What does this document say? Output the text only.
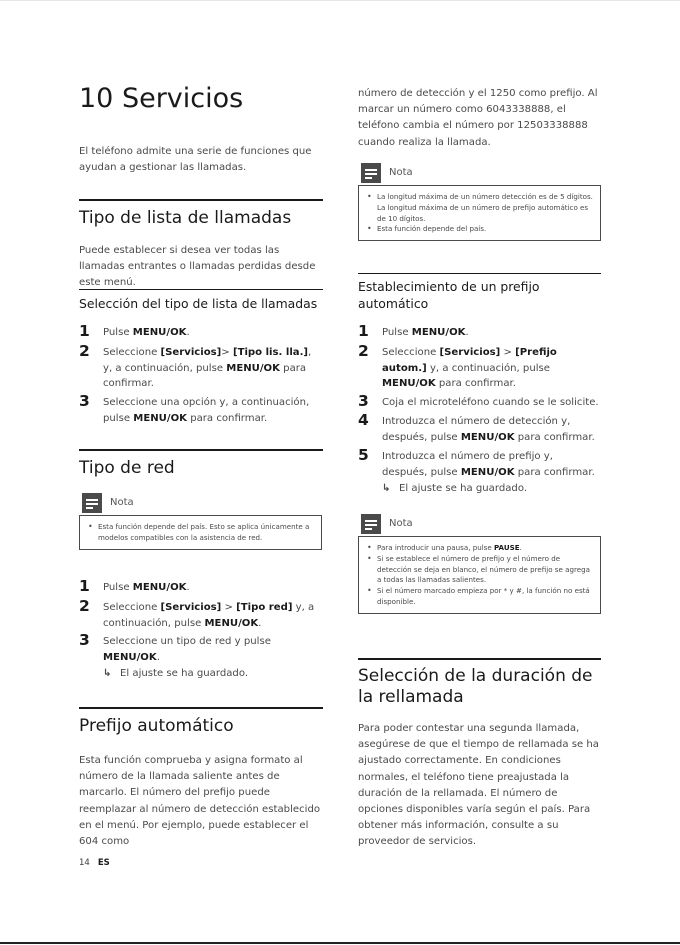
10 Servicios

El teléfono admite una serie de funciones que ayudan a gestionar las llamadas.

Tipo de lista de llamadas

Puede establecer si desea ver todas las llamadas entrantes o llamadas perdidas desde este menú.

Selección del tipo de lista de llamadas
1 Pulse MENU/OK.
2 Seleccione [Servicios]> [Tipo lis. lla.], y, a continuación, pulse MENU/OK para confirmar.
3 Seleccione una opción y, a continuación, pulse MENU/OK para confirmar.
Tipo de red
Nota
• Esta función depende del país. Esto se aplica únicamente a modelos compatibles con la asistencia de red.
1 Pulse MENU/OK.
2 Seleccione [Servicios] > [Tipo red] y, a continuación, pulse MENU/OK.
3 Seleccione un tipo de red y pulse MENU/OK.
↳ El ajuste se ha guardado.
Prefijo automático

Esta función comprueba y asigna formato al número de la llamada saliente antes de marcarlo. El número del prefijo puede reemplazar al número de detección establecido en el menú. Por ejemplo, puede establecer el 604 como

número de detección y el 1250 como prefijo. Al marcar un número como 6043338888, el teléfono cambia el número por 12503338888 cuando realiza la llamada.

Nota
• La longitud máxima de un número detección es de 5 dígitos. La longitud máxima de un número de prefijo automático es de 10 dígitos.
• Esta función depende del país.
Establecimiento de un prefijo automático
1 Pulse MENU/OK.
2 Seleccione [Servicios] > [Prefijo autom.] y, a continuación, pulse MENU/OK para confirmar.
3 Coja el microteléfono cuando se le solicite.
4 Introduzca el número de detección y, después, pulse MENU/OK para confirmar.
5 Introduzca el número de prefijo y, después, pulse MENU/OK para confirmar.
↳ El ajuste se ha guardado.
Nota
• Para introducir una pausa, pulse PAUSE.
• Si se establece el número de prefijo y el número de detección se deja en blanco, el número de prefijo se agrega a todas las llamadas salientes.
• Si el número marcado empieza por * y #, la función no está disponible.
Selección de la duración de la rellamada

Para poder contestar una segunda llamada, asegúrese de que el tiempo de rellamada se ha ajustado correctamente. En condiciones normales, el teléfono tiene preajustada la duración de la rellamada. El número de opciones disponibles varía según el país. Para obtener más información, consulte a su proveedor de servicios.

14 ES
